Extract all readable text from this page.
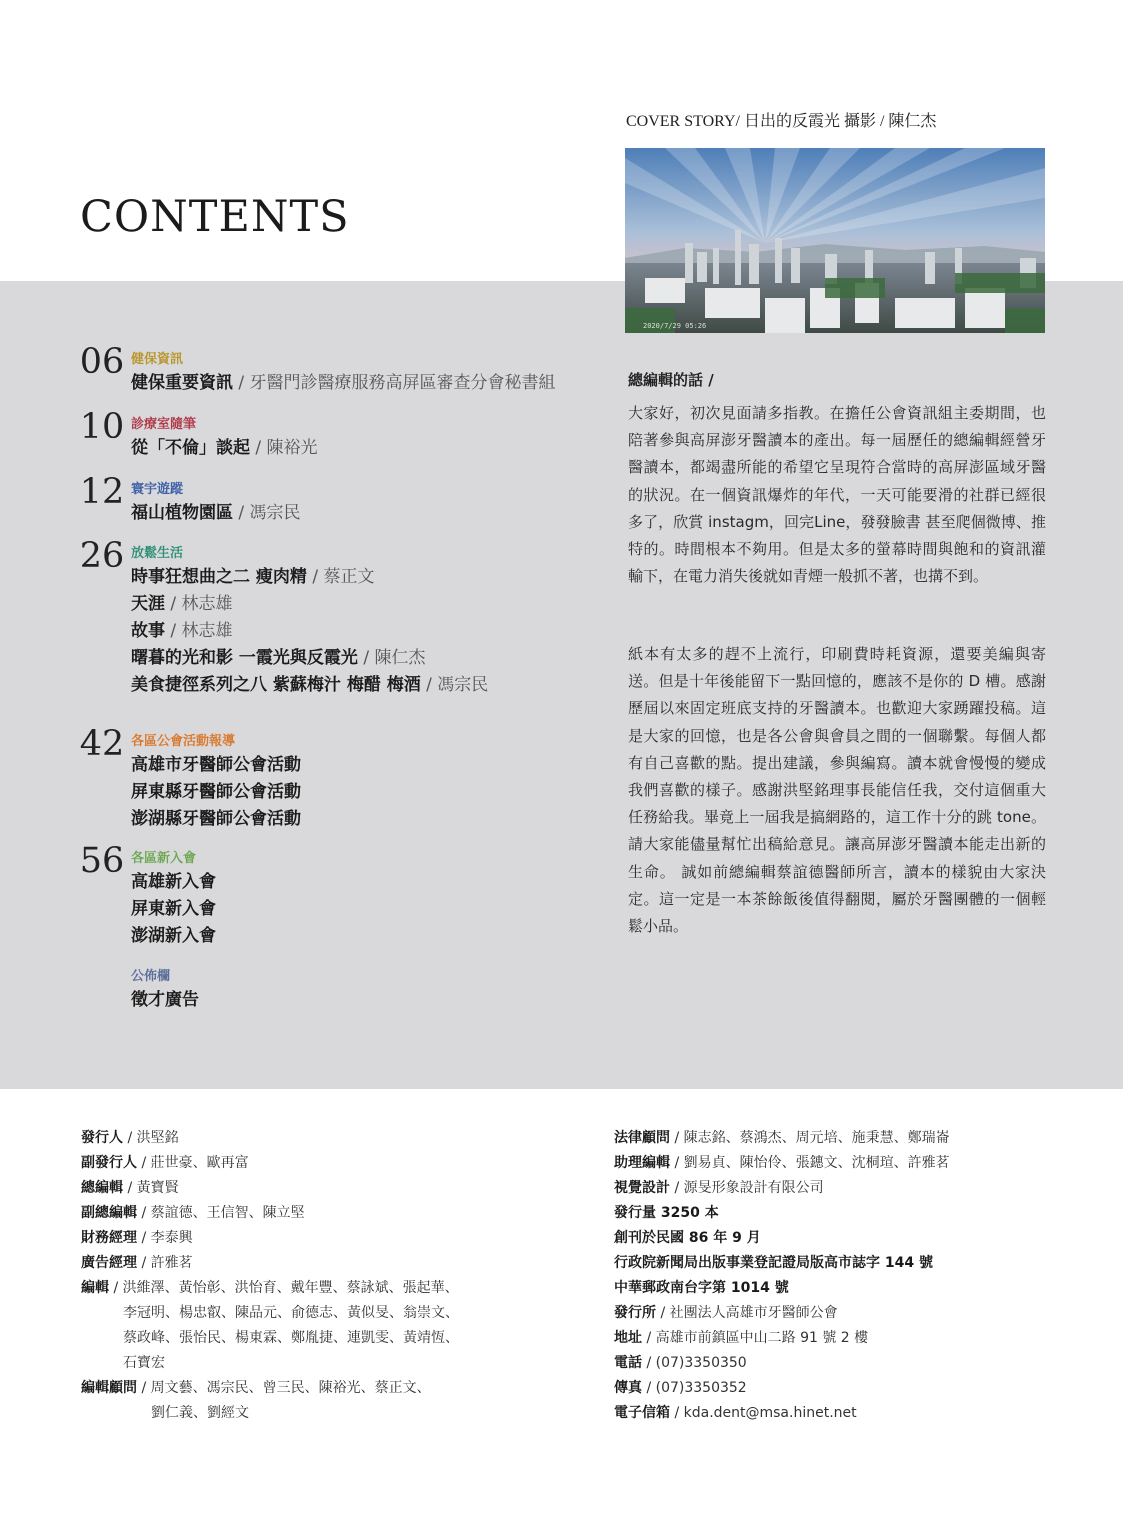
COVER STORY/ 日出的反霞光 攝影 / 陳仁杰
2020/7/29 05:26
CONTENTS
06 健保資訊
健保重要資訊 / 牙醫門診醫療服務高屏區審查分會秘書組
10 診療室隨筆
從「不倫」談起 / 陳裕光
12 寰宇遊蹤
福山植物園區 / 馮宗民
26 放鬆生活
時事狂想曲之二 瘦肉精 / 蔡正文
天涯 / 林志雄
故事 / 林志雄
曙暮的光和影 一霞光與反霞光 / 陳仁杰
美食捷徑系列之八 紫蘇梅汁 梅醋 梅酒 / 馮宗民
42 各區公會活動報導
高雄市牙醫師公會活動
屏東縣牙醫師公會活動
澎湖縣牙醫師公會活動
56 各區新入會
高雄新入會
屏東新入會
澎湖新入會
公佈欄
徵才廣告
總編輯的話 /
大家好，初次見面請多指教。在擔任公會資訊組主委期間，也陪著參與高屏澎牙醫讀本的產出。每一屆歷任的總編輯經營牙醫讀本，都竭盡所能的希望它呈現符合當時的高屏澎區域牙醫的狀況。在一個資訊爆炸的年代，一天可能要滑的社群已經很多了，欣賞 instagm，回完Line，發發臉書 甚至爬個微博、推特的。時間根本不夠用。但是太多的螢幕時間與飽和的資訊灌輸下，在電力消失後就如青煙一般抓不著，也搆不到。
紙本有太多的趕不上流行，印刷費時耗資源，還要美編與寄送。但是十年後能留下一點回憶的，應該不是你的 D 槽。感謝歷屆以來固定班底支持的牙醫讀本。也歡迎大家踴躍投稿。這是大家的回憶，也是各公會與會員之間的一個聯繫。每個人都有自己喜歡的點。提出建議，參與編寫。讀本就會慢慢的變成我們喜歡的樣子。感謝洪堅銘理事長能信任我，交付這個重大任務給我。畢竟上一屆我是搞網路的，這工作十分的跳 tone。請大家能儘量幫忙出稿給意見。讓高屏澎牙醫讀本能走出新的生命。 誠如前總編輯蔡誼德醫師所言，讀本的樣貌由大家決定。這一定是一本茶餘飯後值得翻閱，屬於牙醫團體的一個輕鬆小品。
發行人 / 洪堅銘
副發行人 / 莊世豪、歐再富
總編輯 / 黃寶賢
副總編輯 / 蔡誼德、王信智、陳立堅
財務經理 / 李泰興
廣告經理 / 許雅茗
編輯 / 洪維澤、黃怡彰、洪怡育、戴年豐、蔡詠斌、張起華、
李冠明、楊忠叡、陳品元、俞德志、黃似旻、翁崇文、
蔡政峰、張怡民、楊東霖、鄭胤捷、連凱雯、黃靖恆、
石寶宏
編輯顧問 / 周文藝、馮宗民、曾三民、陳裕光、蔡正文、
劉仁義、劉經文
法律顧問 / 陳志銘、蔡鴻杰、周元培、施秉慧、鄭瑞崙
助理編輯 / 劉易貞、陳怡伶、張鏸文、沈桐瑄、許雅茗
視覺設計 / 源旻形象設計有限公司
發行量 3250 本
創刊於民國 86 年 9 月
行政院新聞局出版事業登記證局版高市誌字 144 號
中華郵政南台字第 1014 號
發行所 / 社團法人高雄市牙醫師公會
地址 / 高雄市前鎮區中山二路 91 號 2 樓
電話 / (07)3350350
傳真 / (07)3350352
電子信箱 / kda.dent@msa.hinet.net
